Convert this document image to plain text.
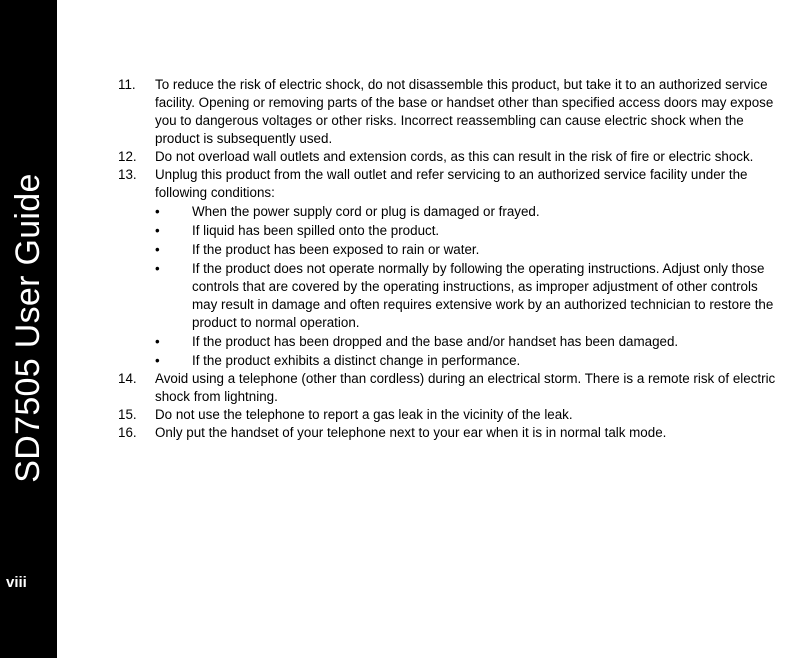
SD7505 User Guide
viii
11.	To reduce the risk of electric shock, do not disassemble this product, but take it to an authorized service facility. Opening or removing parts of the base or handset other than specified access doors may expose you to dangerous voltages or other risks. Incorrect reassembling can cause electric shock when the product is subsequently used.
12.	Do not overload wall outlets and extension cords, as this can result in the risk of fire or electric shock.
13.	Unplug this product from the wall outlet and refer servicing to an authorized service facility under the following conditions:
•	When the power supply cord or plug is damaged or frayed.
•	If liquid has been spilled onto the product.
•	If the product has been exposed to rain or water.
•	If the product does not operate normally by following the operating instructions. Adjust only those controls that are covered by the operating instructions, as improper adjustment of other controls may result in damage and often requires extensive work by an authorized technician to restore the product to normal operation.
•	If the product has been dropped and the base and/or handset has been damaged.
•	If the product exhibits a distinct change in performance.
14.	Avoid using a telephone (other than cordless) during an electrical storm. There is a remote risk of electric shock from lightning.
15.	Do not use the telephone to report a gas leak in the vicinity of the leak.
16.	Only put the handset of your telephone next to your ear when it is in normal talk mode.
